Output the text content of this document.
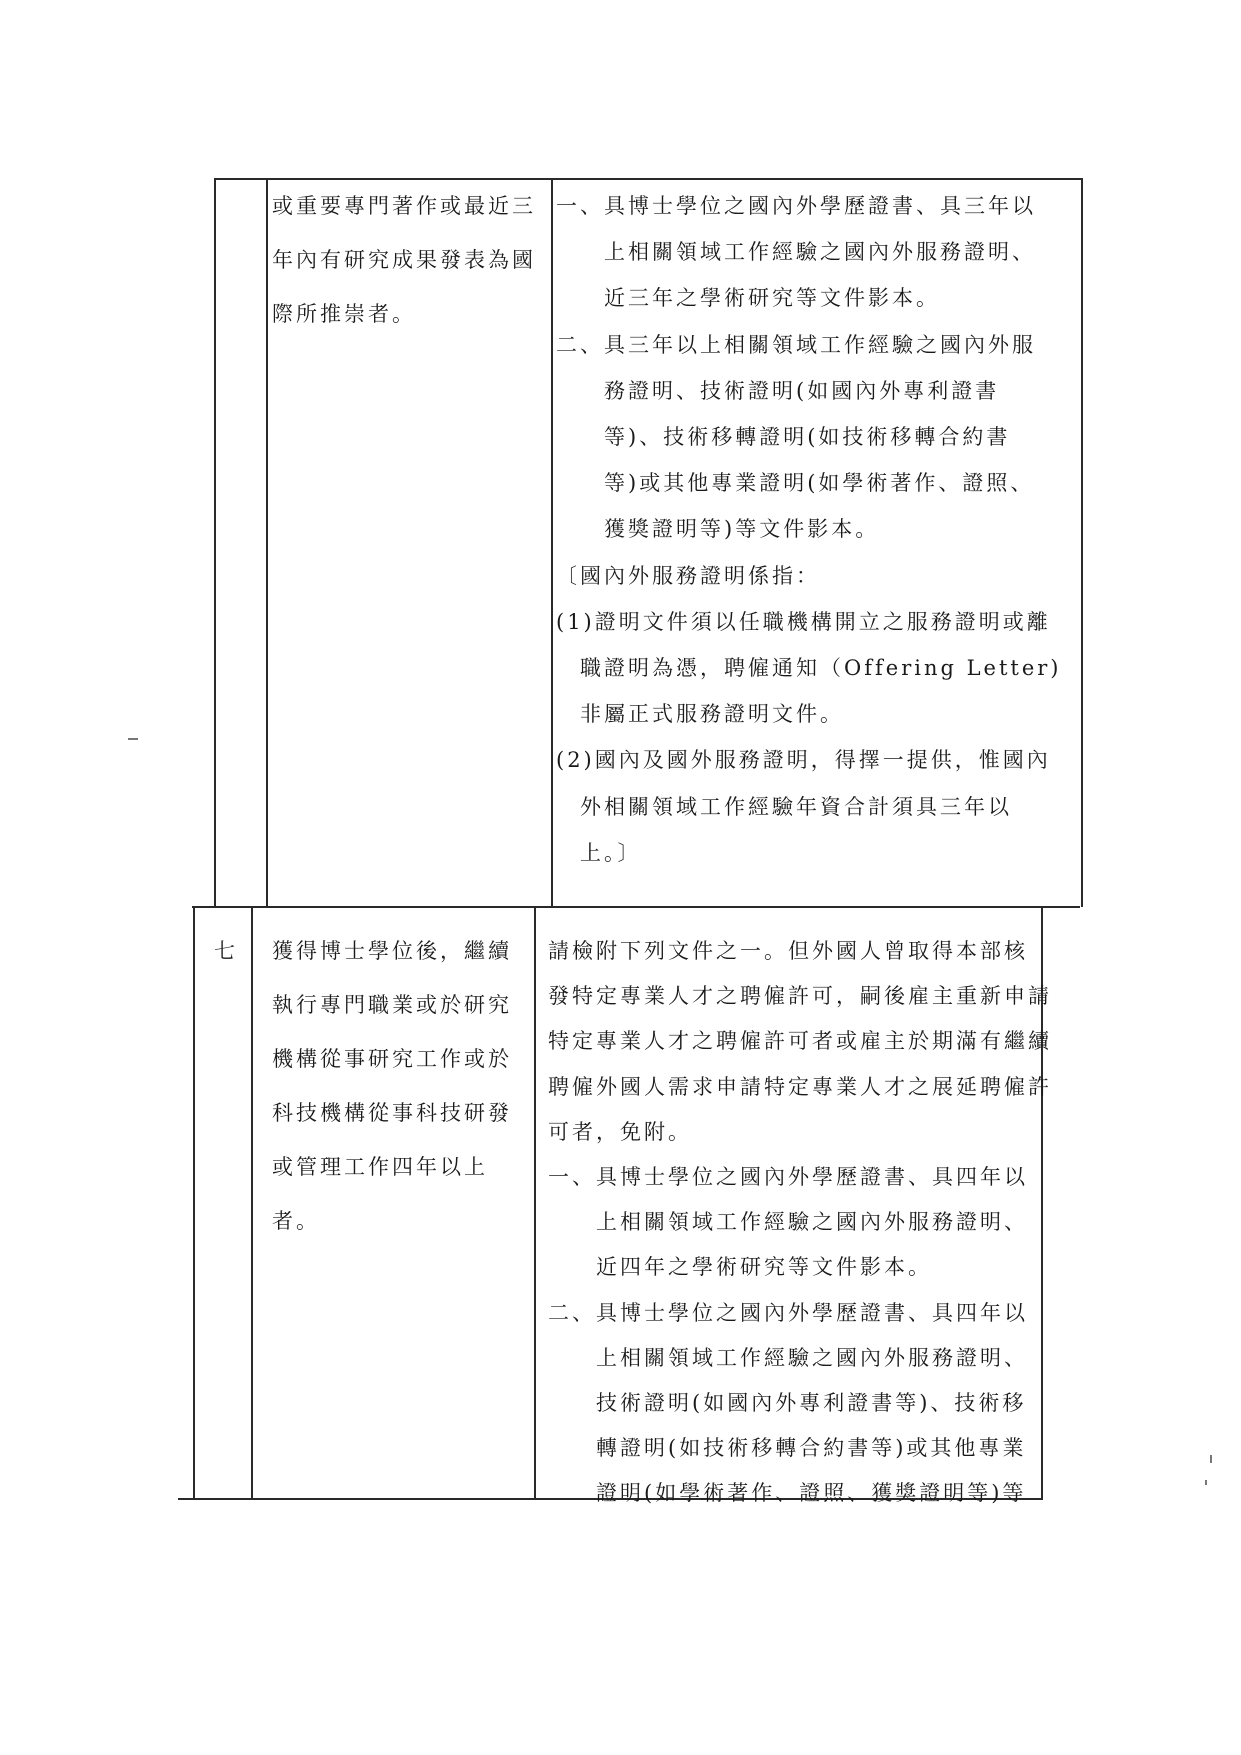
或重要專門著作或最近三
年內有研究成果發表為國
際所推崇者。
一、具博士學位之國內外學歷證書、具三年以
上相關領域工作經驗之國內外服務證明、
近三年之學術研究等文件影本。
二、具三年以上相關領域工作經驗之國內外服
務證明、技術證明(如國內外專利證書
等)、技術移轉證明(如技術移轉合約書
等)或其他專業證明(如學術著作、證照、
獲獎證明等)等文件影本。
〔國內外服務證明係指：
(1)證明文件須以任職機構開立之服務證明或離
職證明為憑，聘僱通知（Offering Letter)
非屬正式服務證明文件。
(2)國內及國外服務證明，得擇一提供，惟國內
外相關領域工作經驗年資合計須具三年以
上。〕
七 獲得博士學位後，繼續
執行專門職業或於研究
機構從事研究工作或於
科技機構從事科技研發
或管理工作四年以上
者。
請檢附下列文件之一。但外國人曾取得本部核
發特定專業人才之聘僱許可，嗣後雇主重新申請
特定專業人才之聘僱許可者或雇主於期滿有繼續
聘僱外國人需求申請特定專業人才之展延聘僱許
可者，免附。
一、具博士學位之國內外學歷證書、具四年以
上相關領域工作經驗之國內外服務證明、
近四年之學術研究等文件影本。
二、具博士學位之國內外學歷證書、具四年以
上相關領域工作經驗之國內外服務證明、
技術證明(如國內外專利證書等)、技術移
轉證明(如技術移轉合約書等)或其他專業
證明(如學術著作、證照、獲獎證明等)等
